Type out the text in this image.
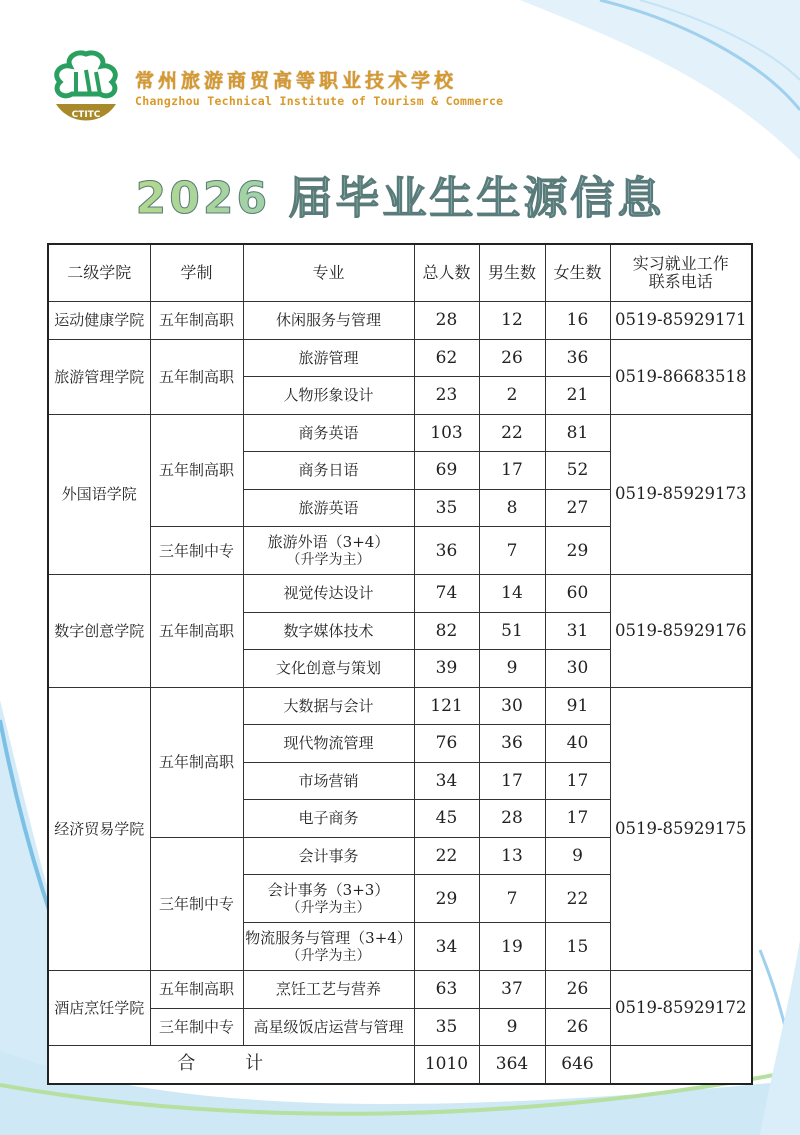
CTITC
常州旅游商贸高等职业技术学校
Changzhou Technical Institute of Tourism & Commerce
2026 届毕业生生源信息
二级学院	学制	专业	总人数	男生数	女生数	实习就业工作
联系电话
运动健康学院	五年制高职	休闲服务与管理	28	12	16	0519-85929171
旅游管理学院	五年制高职	旅游管理	62	26	36	0519-86683518
		人物形象设计	23	2	21	
外国语学院	五年制高职	商务英语	103	22	81	0519-85929173
		商务日语	69	17	52	
		旅游英语	35	8	27	
	三年制中专	旅游外语（3+4）
（升学为主）	36	7	29	
数字创意学院	五年制高职	视觉传达设计	74	14	60	0519-85929176
		数字媒体技术	82	51	31	
		文化创意与策划	39	9	30	
经济贸易学院	五年制高职	大数据与会计	121	30	91	0519-85929175
		现代物流管理	76	36	40	
		市场营销	34	17	17	
		电子商务	45	28	17	
	三年制中专	会计事务	22	13	9	
		会计事务（3+3）
（升学为主）	29	7	22	
		物流服务与管理（3+4）
（升学为主）	34	19	15	
酒店烹饪学院	五年制高职	烹饪工艺与营养	63	37	26	0519-85929172
	三年制中专	高星级饭店运营与管理	35	9	26	
合 计			1010	364	646	
